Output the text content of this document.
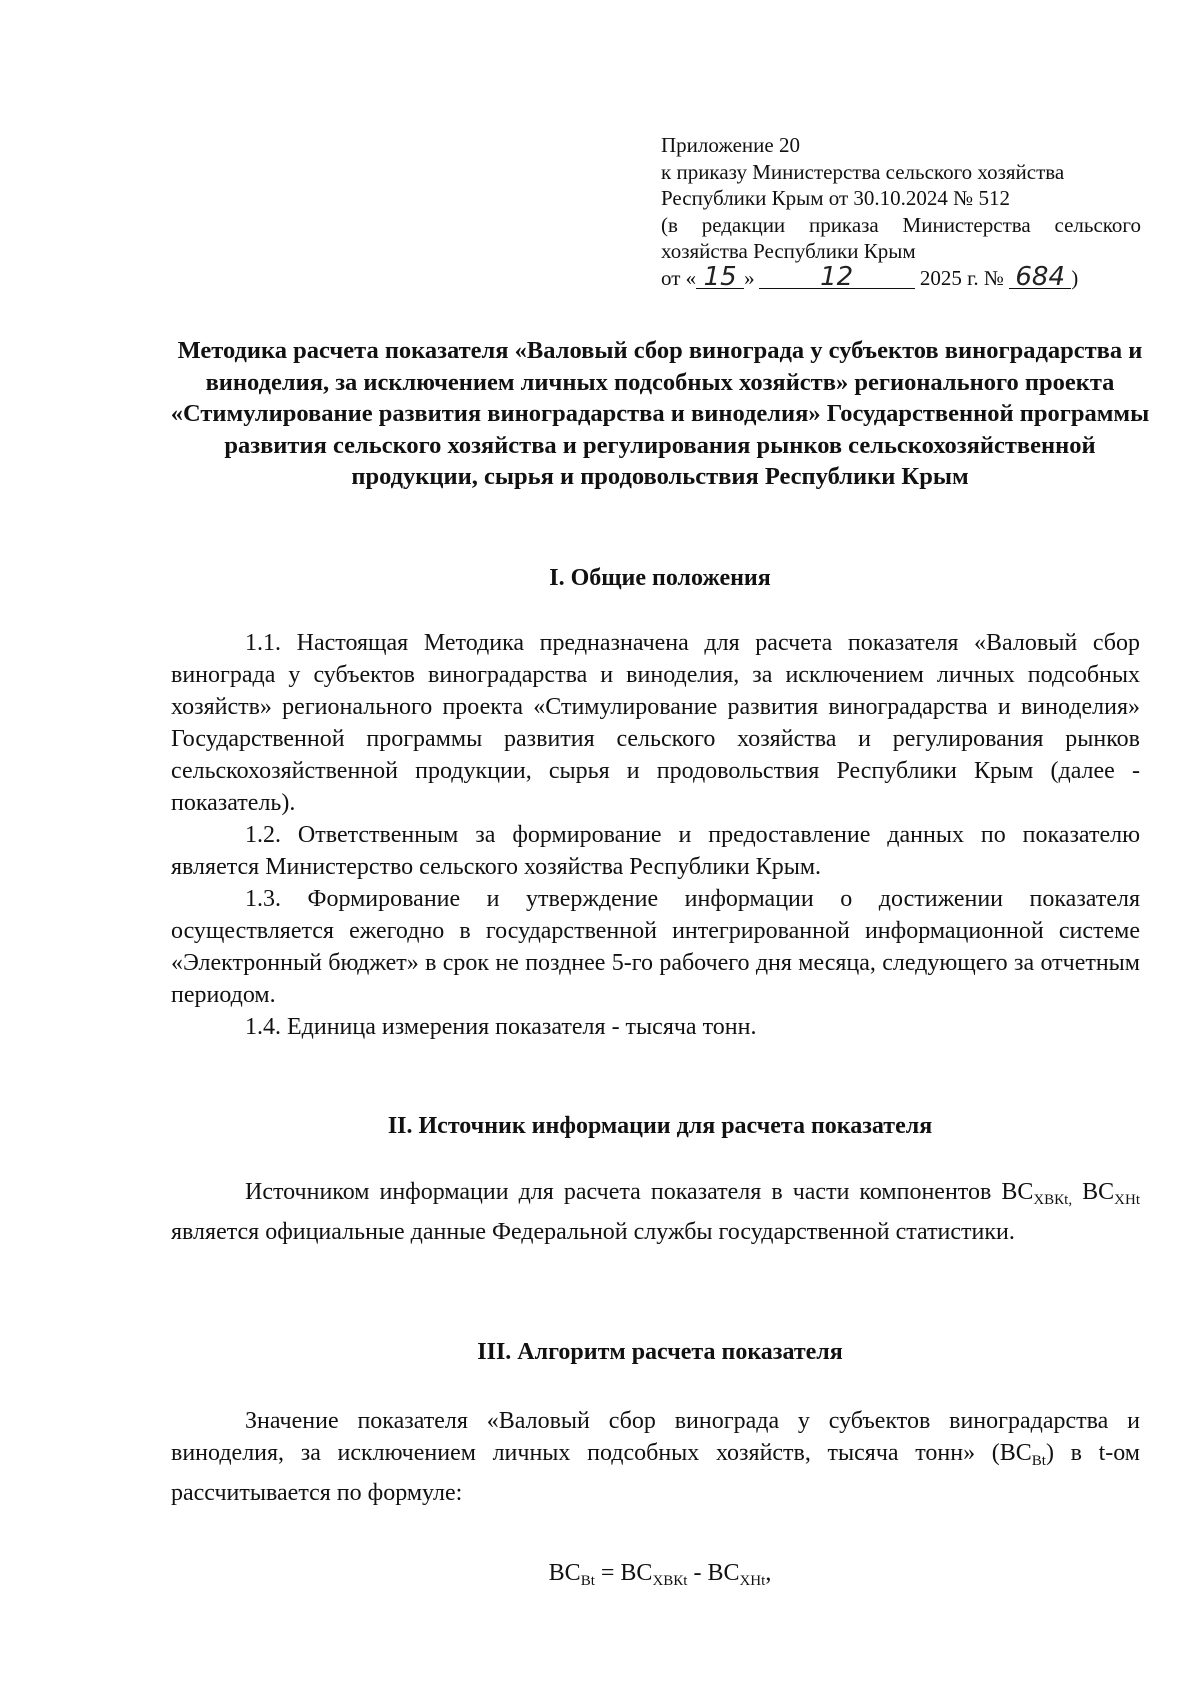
Приложение 20
к приказу Министерства сельского хозяйства
Республики Крым от 30.10.2024 № 512
(в редакции приказа Министерства сельского
хозяйства Республики Крым
от « 15 »	12	2025 г. № 684 )
Методика расчета показателя «Валовый сбор винограда у субъектов виноградарства и виноделия, за исключением личных подсобных хозяйств» регионального проекта «Стимулирование развития виноградарства и виноделия» Государственной программы развития сельского хозяйства и регулирования рынков сельскохозяйственной продукции, сырья и продовольствия Республики Крым
I. Общие положения
1.1. Настоящая Методика предназначена для расчета показателя «Валовый сбор винограда у субъектов виноградарства и виноделия, за исключением личных подсобных хозяйств» регионального проекта «Стимулирование развития виноградарства и виноделия» Государственной программы развития сельского хозяйства и регулирования рынков сельскохозяйственной продукции, сырья и продовольствия Республики Крым (далее - показатель).
1.2. Ответственным за формирование и предоставление данных по показателю является Министерство сельского хозяйства Республики Крым.
1.3. Формирование и утверждение информации о достижении показателя осуществляется ежегодно в государственной интегрированной информационной системе «Электронный бюджет» в срок не позднее 5-го рабочего дня месяца, следующего за отчетным периодом.
1.4. Единица измерения показателя - тысяча тонн.
II. Источник информации для расчета показателя
Источником информации для расчета показателя в части компонентов $ВС_{ХВКt,}$ $ВС_{ХНt}$ является официальные данные Федеральной службы государственной статистики.
III. Алгоритм расчета показателя
Значение показателя «Валовый сбор винограда у субъектов виноградарства и виноделия, за исключением личных подсобных хозяйств, тысяча тонн» $(ВС_{Вt})$ в t-ом рассчитывается по формуле:
$ВС_{Вt} = ВС_{ХВКt} - ВС_{ХНt}$,
